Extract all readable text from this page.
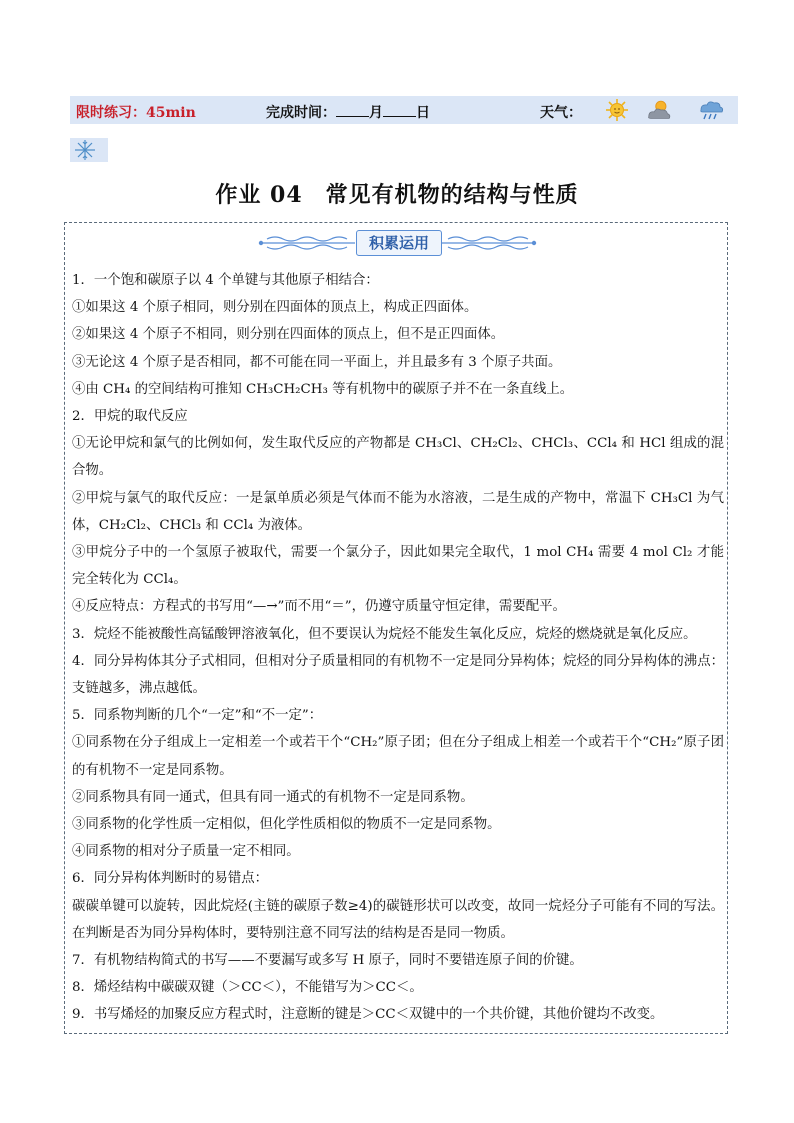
限时练习：45min	完成时间： 月 日	天气：
作业 04　常见有机物的结构与性质
积累运用

1．一个饱和碳原子以 4 个单键与其他原子相结合：

①如果这 4 个原子相同，则分别在四面体的顶点上，构成正四面体。

②如果这 4 个原子不相同，则分别在四面体的顶点上，但不是正四面体。

③无论这 4 个原子是否相同，都不可能在同一平面上，并且最多有 3 个原子共面。

④由 CH₄ 的空间结构可推知 CH₃CH₂CH₃ 等有机物中的碳原子并不在一条直线上。

2．甲烷的取代反应

①无论甲烷和氯气的比例如何，发生取代反应的产物都是 CH₃Cl、CH₂Cl₂、CHCl₃、CCl₄ 和 HCl 组成的混合物。

②甲烷与氯气的取代反应：一是氯单质必须是气体而不能为水溶液，二是生成的产物中，常温下 CH₃Cl 为气体，CH₂Cl₂、CHCl₃ 和 CCl₄ 为液体。

③甲烷分子中的一个氢原子被取代，需要一个氯分子，因此如果完全取代，1 mol CH₄ 需要 4 mol Cl₂ 才能完全转化为 CCl₄。

④反应特点：方程式的书写用“—→”而不用“＝”，仍遵守质量守恒定律，需要配平。

3．烷烃不能被酸性高锰酸钾溶液氧化，但不要误认为烷烃不能发生氧化反应，烷烃的燃烧就是氧化反应。

4．同分异构体其分子式相同，但相对分子质量相同的有机物不一定是同分异构体；烷烃的同分异构体的沸点：支链越多，沸点越低。

5．同系物判断的几个“一定”和“不一定”：

①同系物在分子组成上一定相差一个或若干个“CH₂”原子团；但在分子组成上相差一个或若干个“CH₂”原子团的有机物不一定是同系物。

②同系物具有同一通式，但具有同一通式的有机物不一定是同系物。

③同系物的化学性质一定相似，但化学性质相似的物质不一定是同系物。

④同系物的相对分子质量一定不相同。

6．同分异构体判断时的易错点：

碳碳单键可以旋转，因此烷烃(主链的碳原子数≥4)的碳链形状可以改变，故同一烷烃分子可能有不同的写法。在判断是否为同分异构体时，要特别注意不同写法的结构是否是同一物质。

7．有机物结构简式的书写——不要漏写或多写 H 原子，同时不要错连原子间的价键。

8．烯烃结构中碳碳双键（＞CC＜），不能错写为＞CC＜。

9．书写烯烃的加聚反应方程式时，注意断的键是＞CC＜双键中的一个共价键，其他价键均不改变。
